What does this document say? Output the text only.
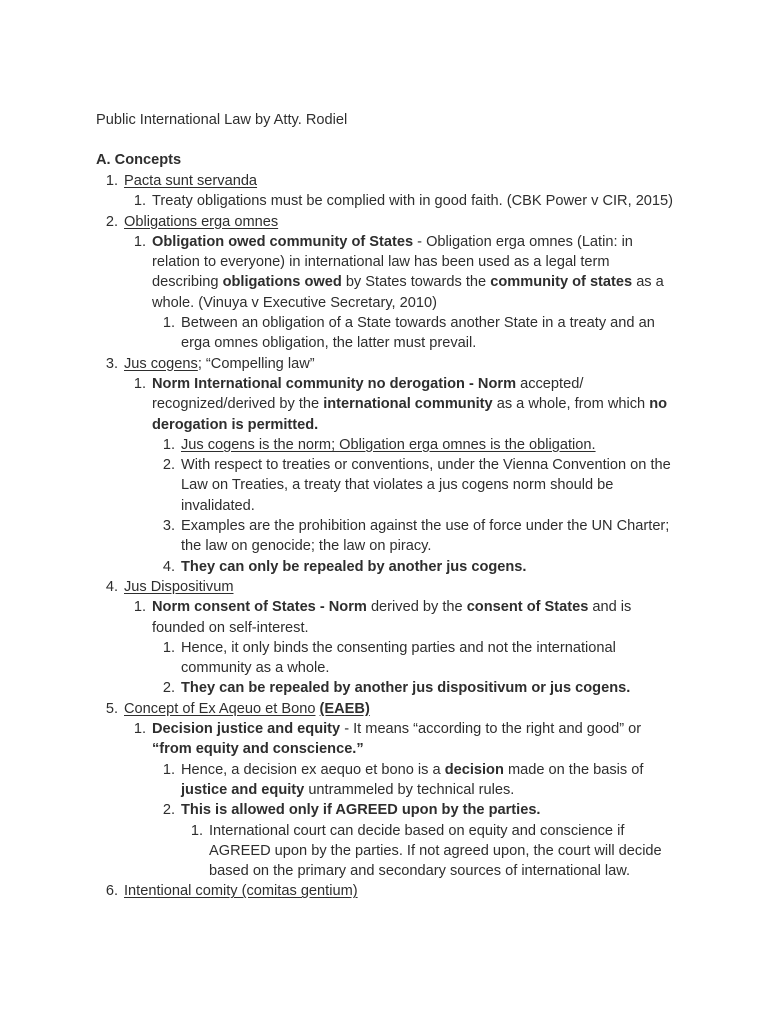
Public International Law by Atty. Rodiel
A. Concepts
1. Pacta sunt servanda
1. Treaty obligations must be complied with in good faith. (CBK Power v CIR, 2015)
2. Obligations erga omnes
1. Obligation owed community of States - Obligation erga omnes (Latin: in relation to everyone) in international law has been used as a legal term describing obligations owed by States towards the community of states as a whole. (Vinuya v Executive Secretary, 2010)
1. Between an obligation of a State towards another State in a treaty and an erga omnes obligation, the latter must prevail.
3. Jus cogens; “Compelling law”
1. Norm International community no derogation - Norm accepted/ recognized/derived by the international community as a whole, from which no derogation is permitted.
1. Jus cogens is the norm; Obligation erga omnes is the obligation.
2. With respect to treaties or conventions, under the Vienna Convention on the Law on Treaties, a treaty that violates a jus cogens norm should be invalidated.
3. Examples are the prohibition against the use of force under the UN Charter; the law on genocide; the law on piracy.
4. They can only be repealed by another jus cogens.
4. Jus Dispositivum
1. Norm consent of States - Norm derived by the consent of States and is founded on self-interest.
1. Hence, it only binds the consenting parties and not the international community as a whole.
2. They can be repealed by another jus dispositivum or jus cogens.
5. Concept of Ex Aqeuo et Bono (EAEB)
1. Decision justice and equity - It means “according to the right and good” or “from equity and conscience.”
1. Hence, a decision ex aequo et bono is a decision made on the basis of justice and equity untrammeled by technical rules.
2. This is allowed only if AGREED upon by the parties.
1. International court can decide based on equity and conscience if AGREED upon by the parties. If not agreed upon, the court will decide based on the primary and secondary sources of international law.
6. Intentional comity (comitas gentium)
